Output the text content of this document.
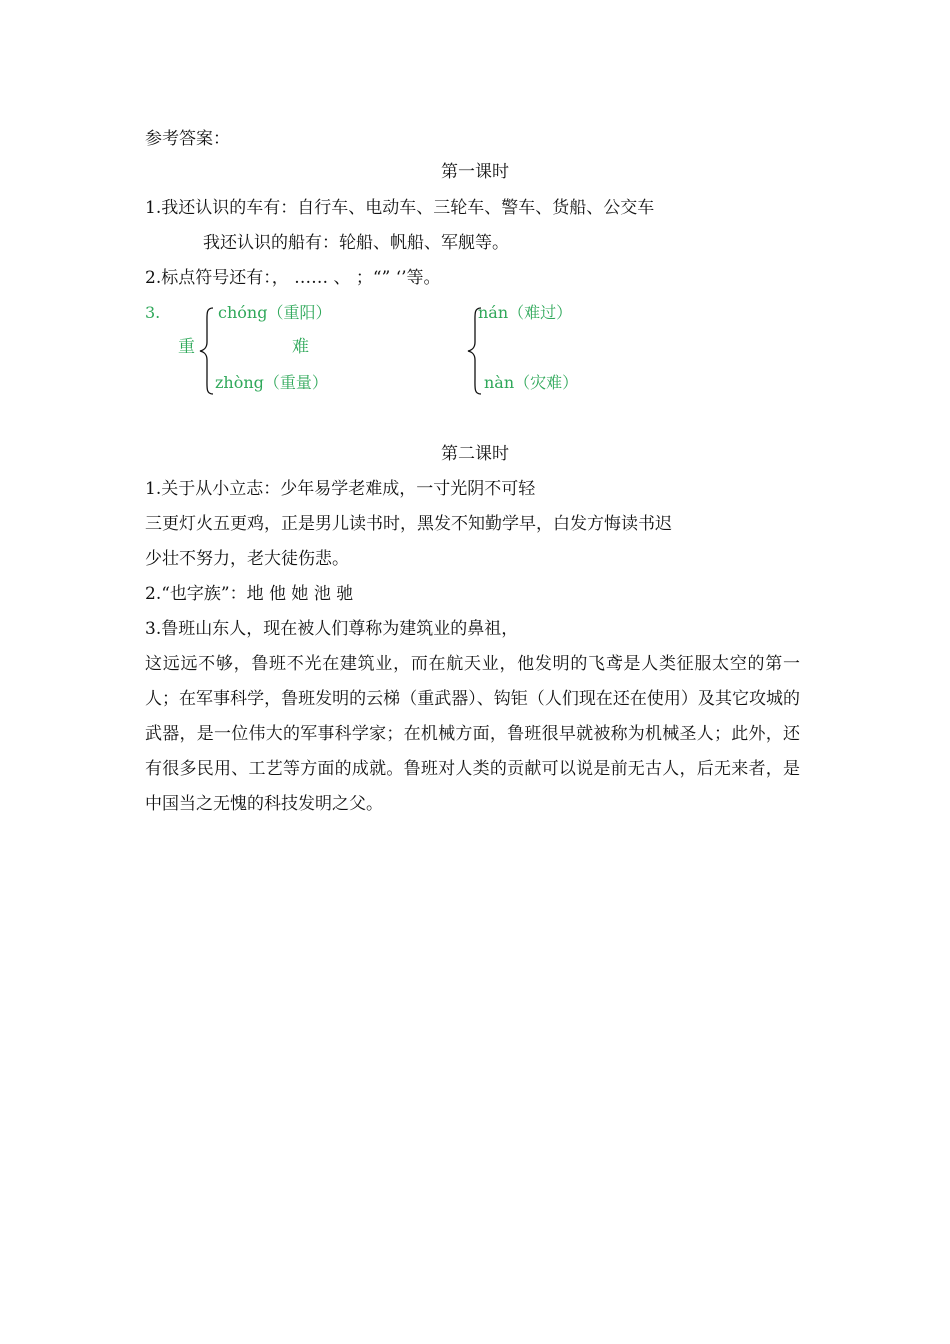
参考答案：
第一课时
1.我还认识的车有：自行车、电动车、三轮车、警车、货船、公交车
我还认识的船有：轮船、帆船、军舰等。
2.标点符号还有：， …… 、 ；“” ‘’等。
3.	chóng（重阳）
重
zhòng（重量）
难
nán（难过）
nàn（灾难）
第二课时
1.关于从小立志：少年易学老难成，一寸光阴不可轻
三更灯火五更鸡，正是男儿读书时，黑发不知勤学早，白发方悔读书迟
少壮不努力，老大徒伤悲。
2.“也字族”：地 他 她 池 驰
3.鲁班山东人，现在被人们尊称为建筑业的鼻祖，
这远远不够，鲁班不光在建筑业，而在航天业，他发明的飞鸢是人类征服太空的第一人；在军事科学，鲁班发明的云梯（重武器）、钩钜（人们现在还在使用）及其它攻城的武器，是一位伟大的军事科学家；在机械方面，鲁班很早就被称为机械圣人；此外，还有很多民用、工艺等方面的成就。鲁班对人类的贡献可以说是前无古人，后无来者，是中国当之无愧的科技发明之父。
